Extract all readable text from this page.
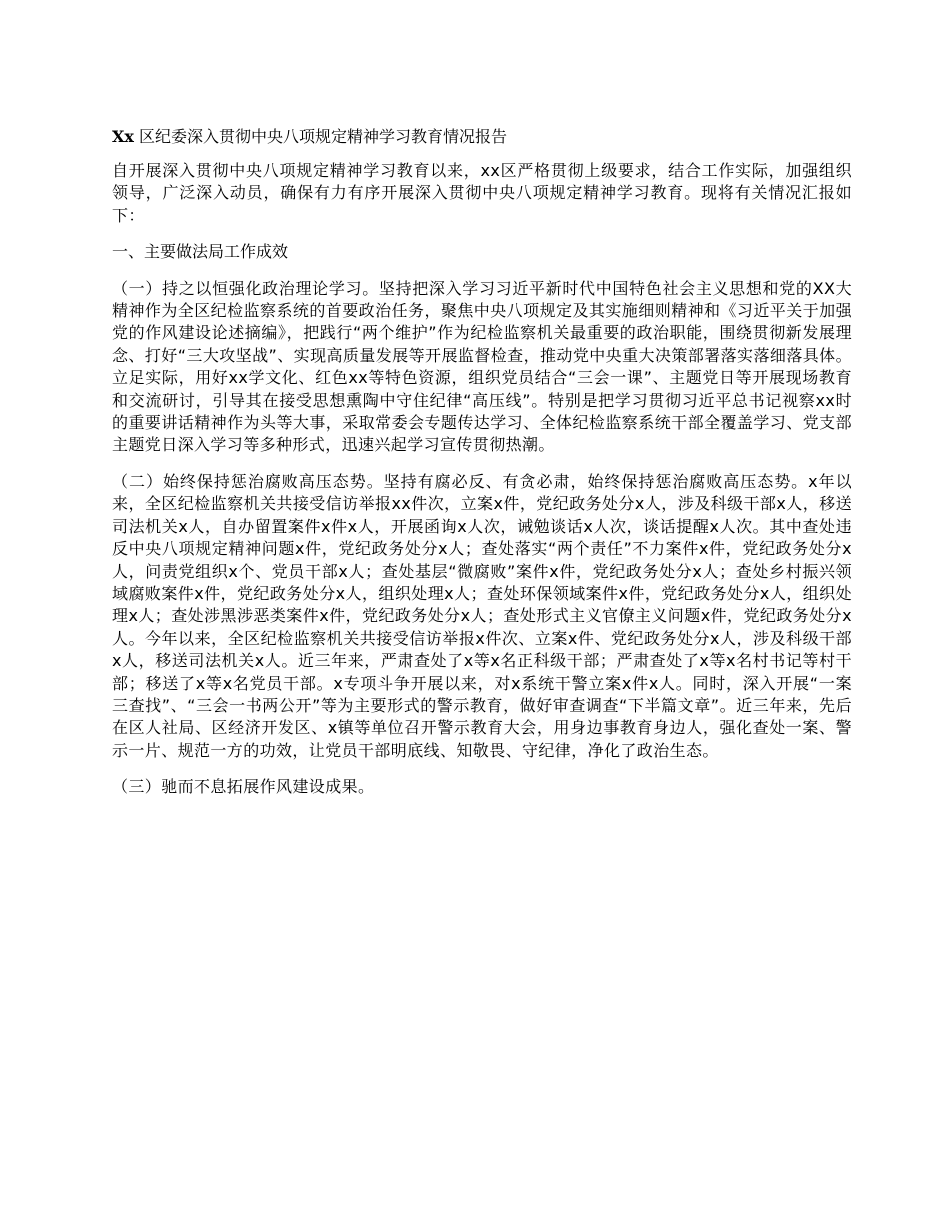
Xx 区纪委深入贯彻中央八项规定精神学习教育情况报告

自开展深入贯彻中央八项规定精神学习教育以来，xx区严格贯彻上级要求，结合工作实际，加强组织领导，广泛深入动员，确保有力有序开展深入贯彻中央八项规定精神学习教育。现将有关情况汇报如下：

一、主要做法局工作成效

（一）持之以恒强化政治理论学习。坚持把深入学习习近平新时代中国特色社会主义思想和党的XX大精神作为全区纪检监察系统的首要政治任务，聚焦中央八项规定及其实施细则精神和《习近平关于加强党的作风建设论述摘编》，把践行“两个维护”作为纪检监察机关最重要的政治职能，围绕贯彻新发展理念、打好“三大攻坚战”、实现高质量发展等开展监督检查，推动党中央重大决策部署落实落细落具体。立足实际，用好xx学文化、红色xx等特色资源，组织党员结合“三会一课”、主题党日等开展现场教育和交流研讨，引导其在接受思想熏陶中守住纪律“高压线”。特别是把学习贯彻习近平总书记视察xx时的重要讲话精神作为头等大事，采取常委会专题传达学习、全体纪检监察系统干部全覆盖学习、党支部主题党日深入学习等多种形式，迅速兴起学习宣传贯彻热潮。

（二）始终保持惩治腐败高压态势。坚持有腐必反、有贪必肃，始终保持惩治腐败高压态势。x年以来，全区纪检监察机关共接受信访举报xx件次，立案x件，党纪政务处分x人，涉及科级干部x人，移送司法机关x人，自办留置案件x件x人，开展函询x人次，诫勉谈话x人次，谈话提醒x人次。其中查处违反中央八项规定精神问题x件，党纪政务处分x人；查处落实“两个责任”不力案件x件，党纪政务处分x人，问责党组织x个、党员干部x人；查处基层“微腐败”案件x件，党纪政务处分x人；查处乡村振兴领域腐败案件x件，党纪政务处分x人，组织处理x人；查处环保领域案件x件，党纪政务处分x人，组织处理x人；查处涉黑涉恶类案件x件，党纪政务处分x人；查处形式主义官僚主义问题x件，党纪政务处分x人。今年以来，全区纪检监察机关共接受信访举报x件次、立案x件、党纪政务处分x人，涉及科级干部x人，移送司法机关x人。近三年来，严肃查处了x等x名正科级干部；严肃查处了x等x名村书记等村干部；移送了x等x名党员干部。x专项斗争开展以来，对x系统干警立案x件x人。同时，深入开展“一案三查找”、“三会一书两公开”等为主要形式的警示教育，做好审查调查“下半篇文章”。近三年来，先后在区人社局、区经济开发区、x镇等单位召开警示教育大会，用身边事教育身边人，强化查处一案、警示一片、规范一方的功效，让党员干部明底线、知敬畏、守纪律，净化了政治生态。

（三）驰而不息拓展作风建设成果。
